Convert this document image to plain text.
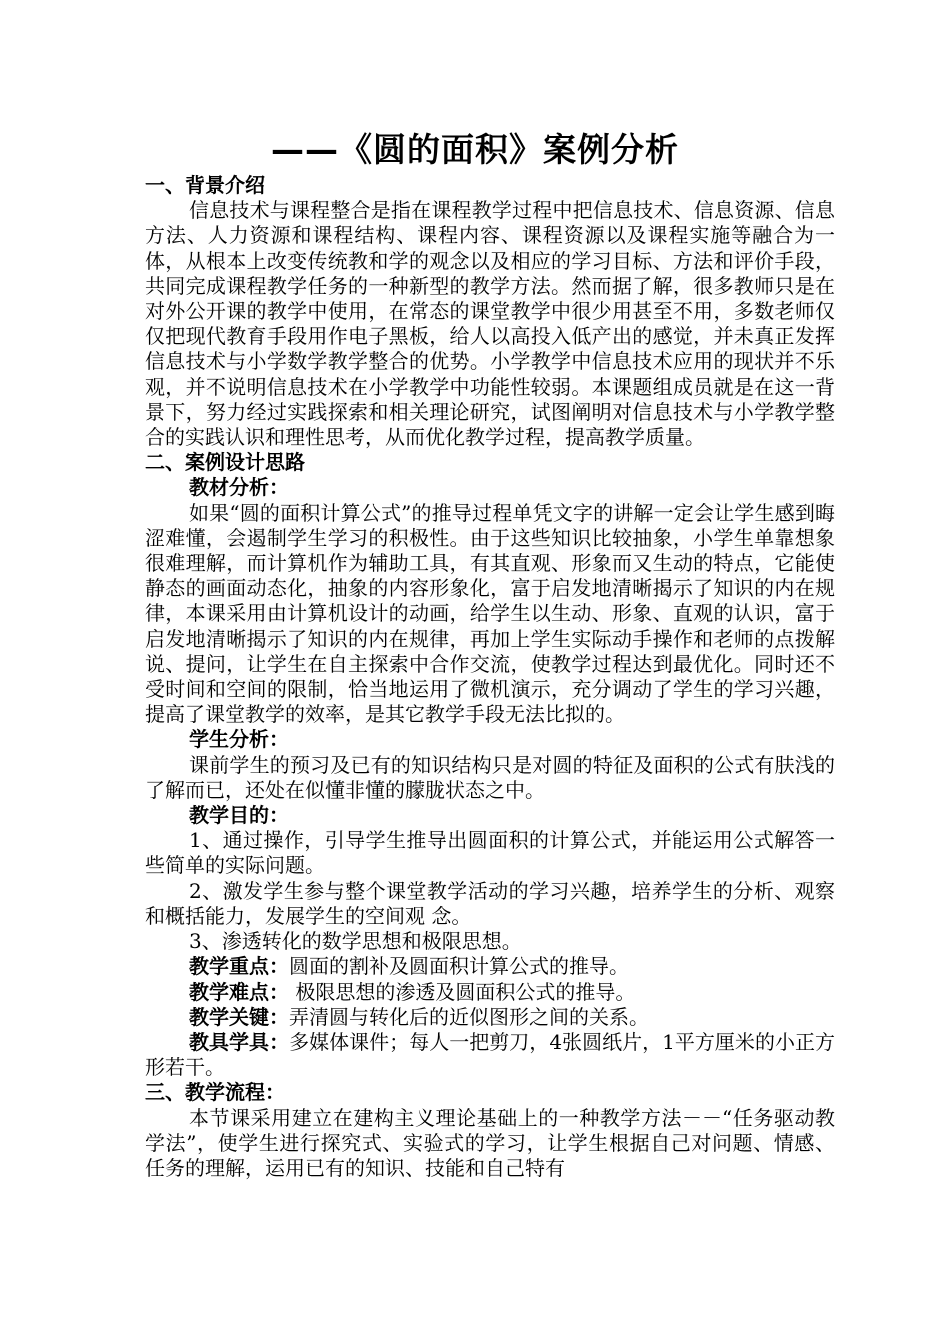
——《圆的面积》案例分析

一、背景介绍

信息技术与课程整合是指在课程教学过程中把信息技术、信息资源、信息方法、人力资源和课程结构、课程内容、课程资源以及课程实施等融合为一体，从根本上改变传统教和学的观念以及相应的学习目标、方法和评价手段，共同完成课程教学任务的一种新型的教学方法。然而据了解，很多教师只是在对外公开课的教学中使用，在常态的课堂教学中很少用甚至不用，多数老师仅仅把现代教育手段用作电子黑板，给人以高投入低产出的感觉，并未真正发挥信息技术与小学数学教学整合的优势。小学教学中信息技术应用的现状并不乐观，并不说明信息技术在小学教学中功能性较弱。本课题组成员就是在这一背景下，努力经过实践探索和相关理论研究，试图阐明对信息技术与小学教学整合的实践认识和理性思考，从而优化教学过程，提高教学质量。

二、案例设计思路

教材分析：

如果“圆的面积计算公式”的推导过程单凭文字的讲解一定会让学生感到晦涩难懂，会遏制学生学习的积极性。由于这些知识比较抽象，小学生单靠想象很难理解，而计算机作为辅助工具，有其直观、形象而又生动的特点，它能使静态的画面动态化，抽象的内容形象化，富于启发地清晰揭示了知识的内在规律，本课采用由计算机设计的动画，给学生以生动、形象、直观的认识，富于启发地清晰揭示了知识的内在规律，再加上学生实际动手操作和老师的点拨解说、提问，让学生在自主探索中合作交流，使教学过程达到最优化。同时还不受时间和空间的限制，恰当地运用了微机演示，充分调动了学生的学习兴趣，提高了课堂教学的效率，是其它教学手段无法比拟的。

学生分析：

课前学生的预习及已有的知识结构只是对圆的特征及面积的公式有肤浅的了解而已，还处在似懂非懂的朦胧状态之中。

教学目的：

1、通过操作，引导学生推导出圆面积的计算公式，并能运用公式解答一些简单的实际问题。

2、激发学生参与整个课堂教学活动的学习兴趣，培养学生的分析、观察和概括能力，发展学生的空间观 念。

3、渗透转化的数学思想和极限思想。

教学重点：圆面的割补及圆面积计算公式的推导。

教学难点： 极限思想的渗透及圆面积公式的推导。

教学关键：弄清圆与转化后的近似图形之间的关系。

教具学具：多媒体课件；每人一把剪刀，4张圆纸片，1平方厘米的小正方形若干。

三、教学流程：

本节课采用建立在建构主义理论基础上的一种教学方法－－“任务驱动教学法”，使学生进行探究式、实验式的学习，让学生根据自己对问题、情感、任务的理解，运用已有的知识、技能和自己特有
